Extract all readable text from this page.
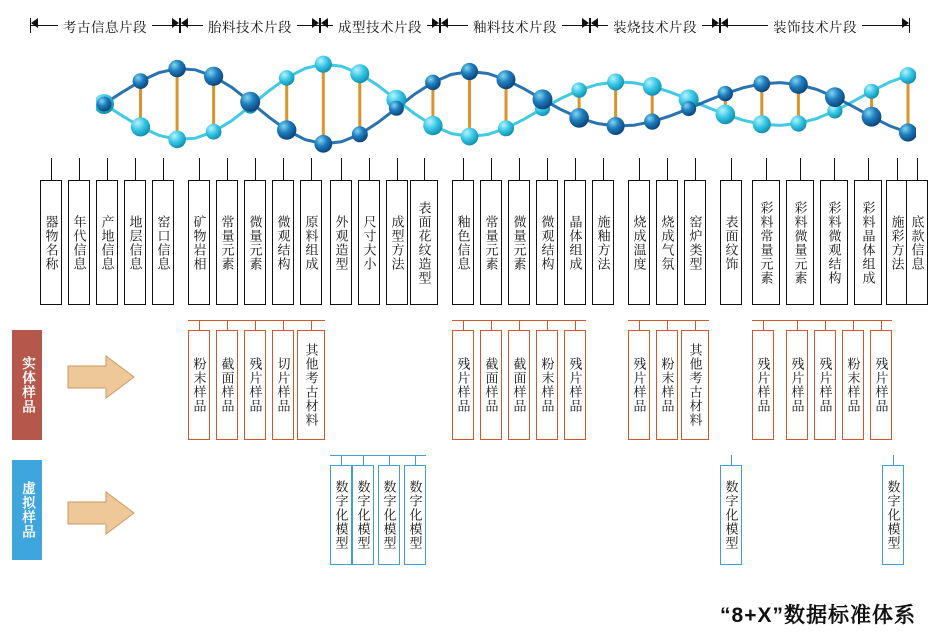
考古信息片段	胎料技术片段	成型技术片段	釉料技术片段	装烧技术片段	装饰技术片段
器物名称 年代信息 产地信息 地层信息 窑口信息 矿物岩相 常量元素 微量元素 微观结构 原料组成 外观造型 尺寸大小 成型方法 表面花纹造型 釉色信息 常量元素 微量元素 微观结构 晶体组成 施釉方法 烧成温度 烧成气氛 窑炉类型 表面纹饰 彩料常量元素 彩料微量元素 彩料微观结构 彩料晶体组成 施彩方法 底款信息
粉末样品 截面样品 残片样品 切片样品 其他考古材料	残片样品 截面样品 截面样品 粉末样品 残片样品	残片样品 粉末样品 其他考古材料	残片样品 残片样品 残片样品 粉末样品 残片样品
数字化模型 数字化模型 数字化模型 数字化模型	数字化模型	数字化模型
实体样品
虚拟样品
“8+X”数据标准体系
